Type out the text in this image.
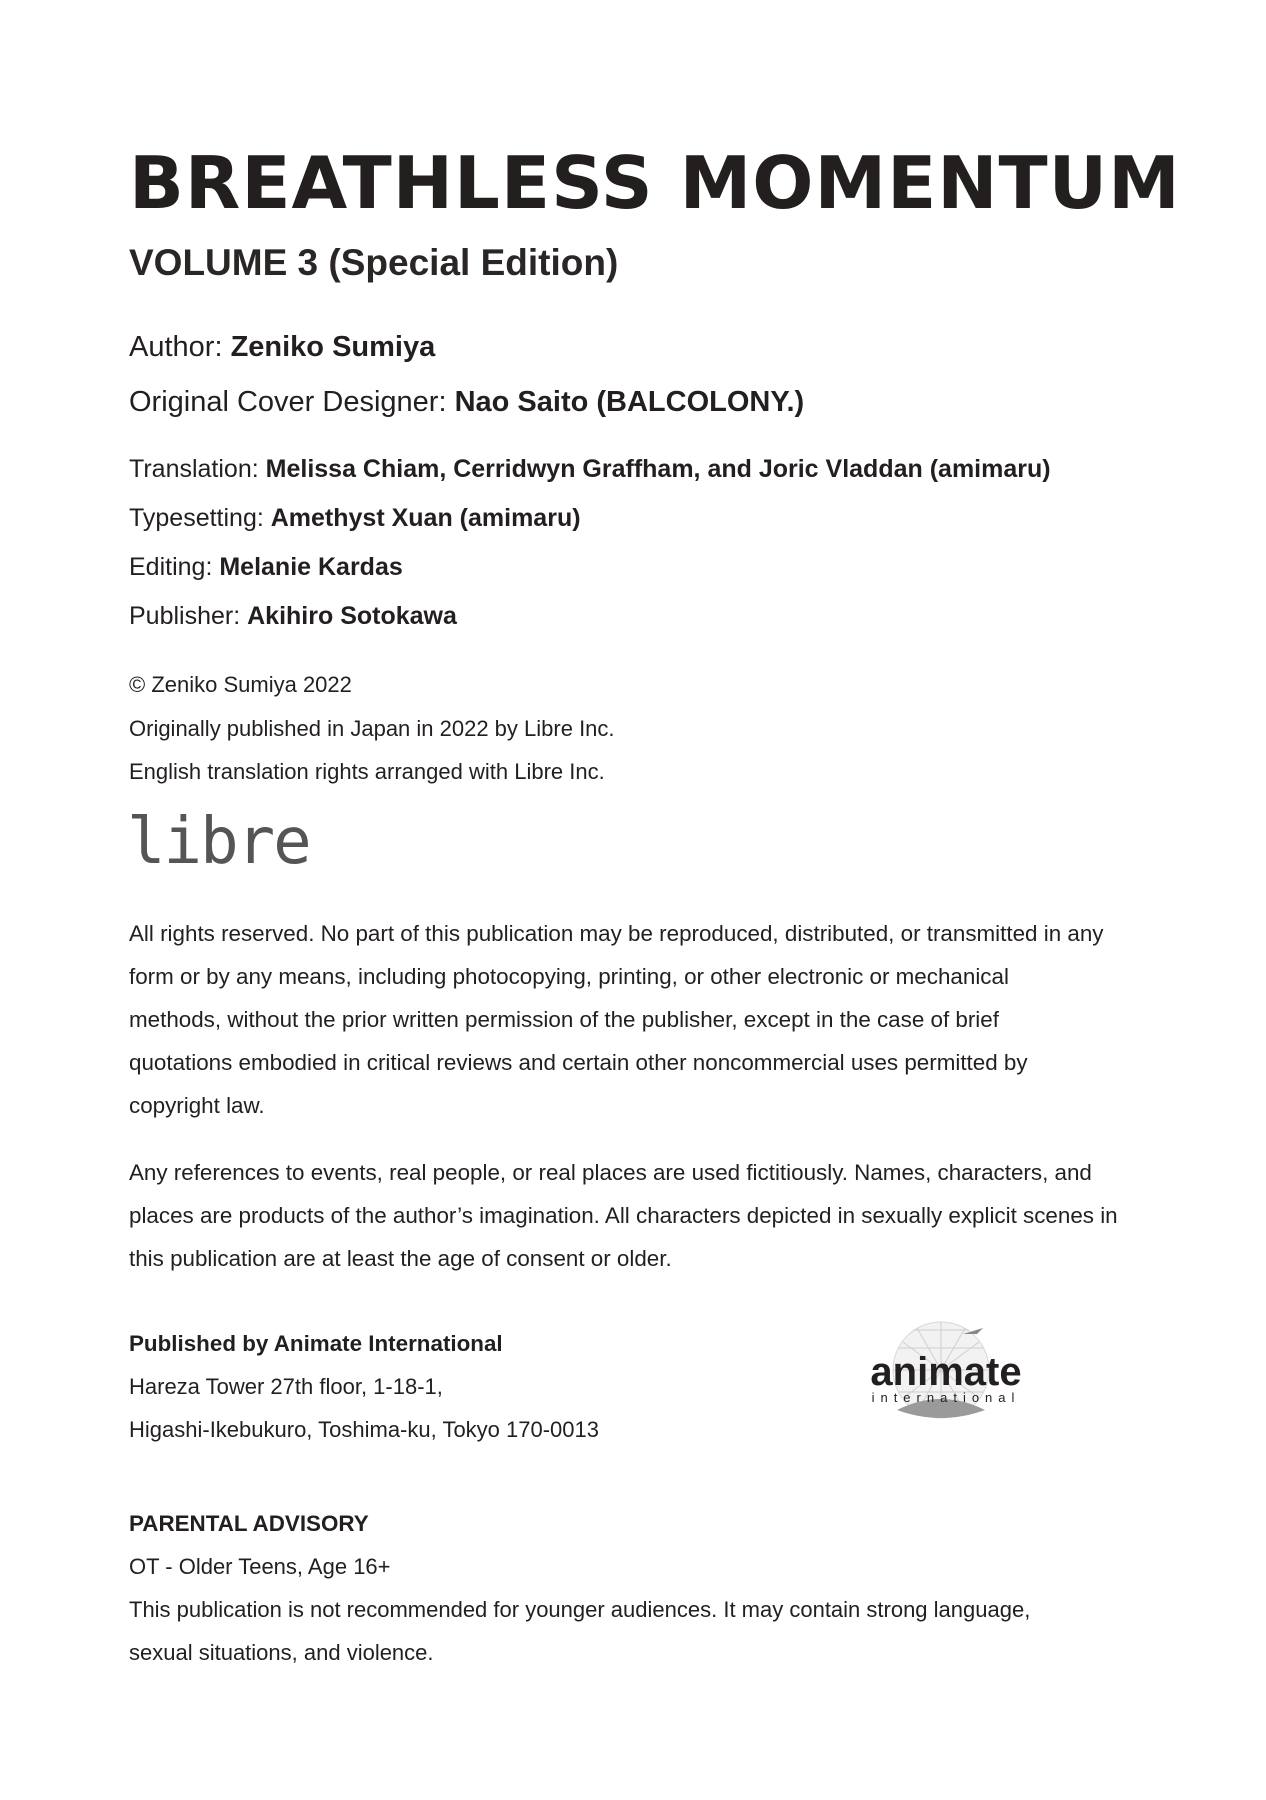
BREATHLESS MOMENTUM
VOLUME 3 (Special Edition)

Author: Zeniko Sumiya

Original Cover Designer: Nao Saito (BALCOLONY.)

Translation: Melissa Chiam, Cerridwyn Graffham, and Joric Vladdan (amimaru)

Typesetting: Amethyst Xuan (amimaru)

Editing: Melanie Kardas

Publisher: Akihiro Sotokawa

© Zeniko Sumiya 2022

Originally published in Japan in 2022 by Libre Inc.

English translation rights arranged with Libre Inc.

libre
All rights reserved. No part of this publication may be reproduced, distributed, or transmitted in any
form or by any means, including photocopying, printing, or other electronic or mechanical
methods, without the prior written permission of the publisher, except in the case of brief
quotations embodied in critical reviews and certain other noncommercial uses permitted by
copyright law.
Any references to events, real people, or real places are used fictitiously. Names, characters, and
places are products of the author’s imagination. All characters depicted in sexually explicit scenes in
this publication are at least the age of consent or older.

Published by Animate International

Hareza Tower 27th floor, 1-18-1,

Higashi-Ikebukuro, Toshima-ku, Tokyo 170-0013

animate
international

PARENTAL ADVISORY

OT - Older Teens, Age 16+

This publication is not recommended for younger audiences. It may contain strong language,

sexual situations, and violence.
